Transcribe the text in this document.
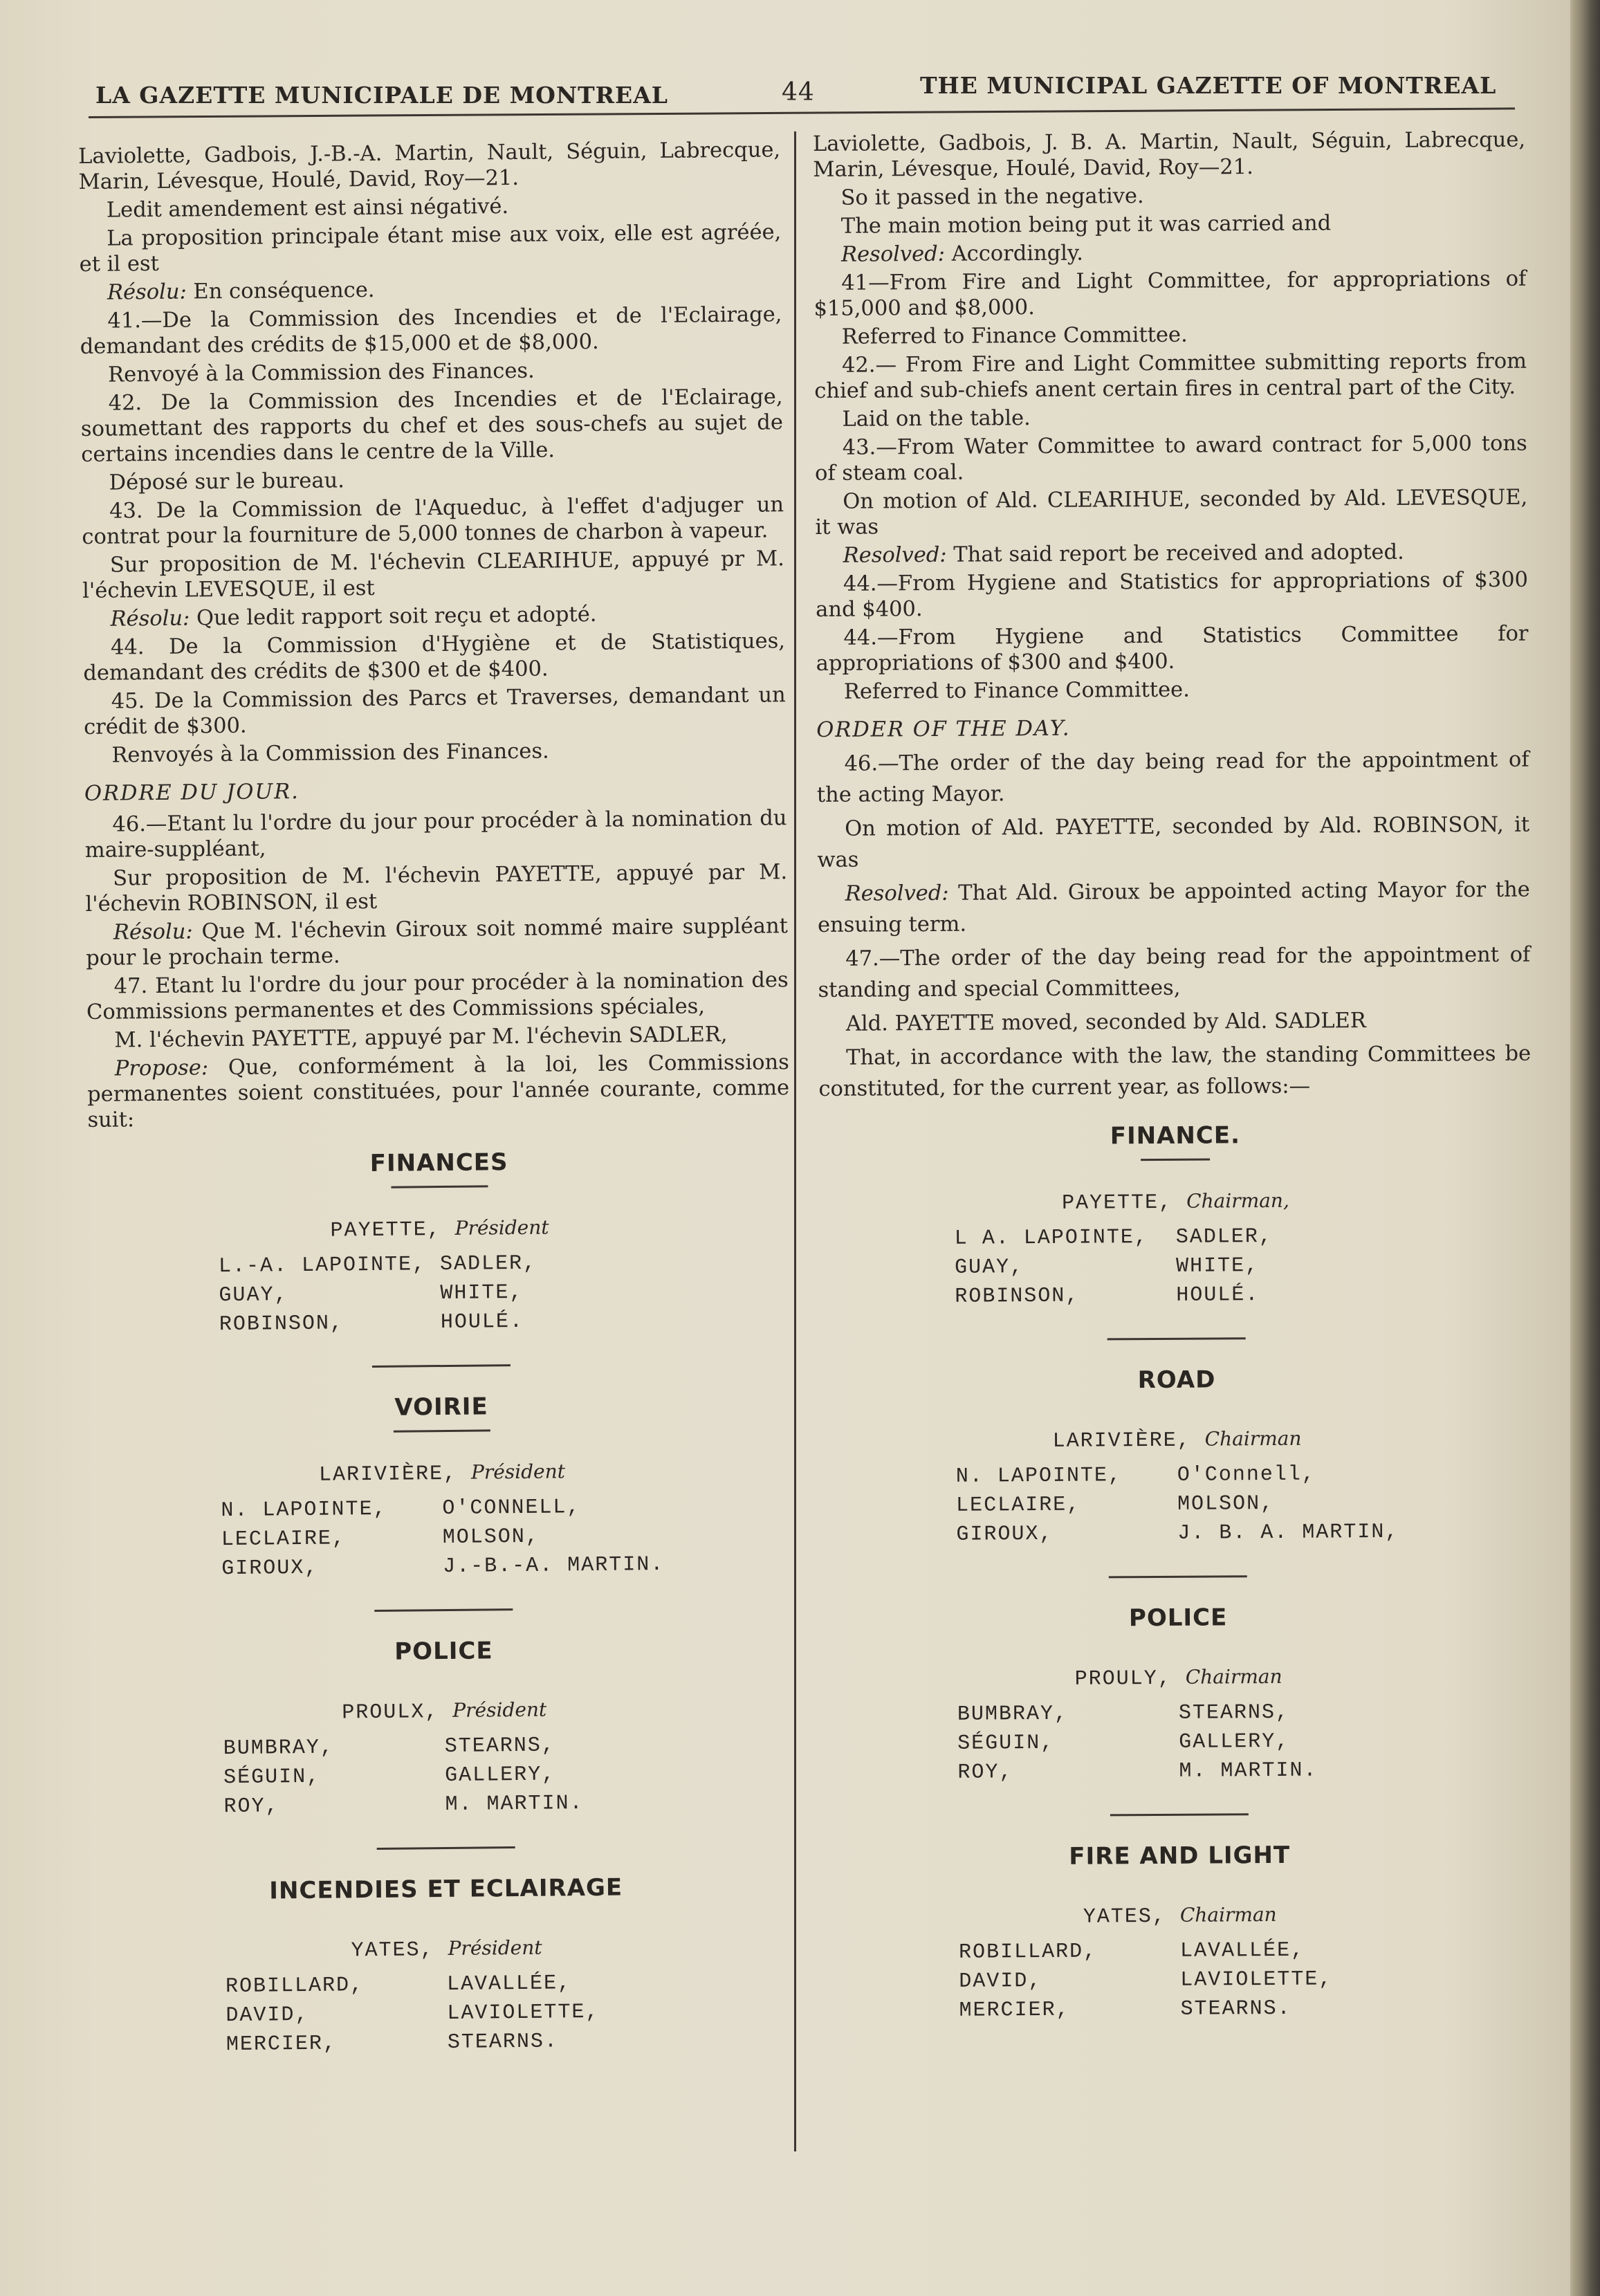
LA GAZETTE MUNICIPALE DE MONTREAL	44	THE MUNICIPAL GAZETTE OF MONTREAL

Laviolette, Gadbois, J.-B.-A. Martin, Nault, Séguin, Labrecque, Marin, Lévesque, Houlé, David, Roy—21.

Ledit amendement est ainsi négativé.

La proposition principale étant mise aux voix, elle est agréée, et il est

Résolu: En conséquence.

41.—De la Commission des Incendies et de l'Eclairage, demandant des crédits de $15,000 et de $8,000.

Renvoyé à la Commission des Finances.

42. De la Commission des Incendies et de l'Eclairage, soumettant des rapports du chef et des sous-chefs au sujet de certains incendies dans le centre de la Ville.

Déposé sur le bureau.

43. De la Commission de l'Aqueduc, à l'effet d'adjuger un contrat pour la fourniture de 5,000 tonnes de charbon à vapeur.

Sur proposition de M. l'échevin CLEARIHUE, appuyé pr M. l'échevin LEVESQUE, il est

Résolu: Que ledit rapport soit reçu et adopté.

44. De la Commission d'Hygiène et de Statistiques, demandant des crédits de $300 et de $400.

45. De la Commission des Parcs et Traverses, demandant un crédit de $300.

Renvoyés à la Commission des Finances.

ORDRE DU JOUR.

46.—Etant lu l'ordre du jour pour procéder à la nomination du maire-suppléant,

Sur proposition de M. l'échevin PAYETTE, appuyé par M. l'échevin ROBINSON, il est

Résolu: Que M. l'échevin Giroux soit nommé maire suppléant pour le prochain terme.

47. Etant lu l'ordre du jour pour procéder à la nomination des Commissions permanentes et des Commissions spéciales,

M. l'échevin PAYETTE, appuyé par M. l'échevin SADLER,

Propose: Que, conformément à la loi, les Commissions permanentes soient constituées, pour l'année courante, comme suit:

FINANCES
PAYETTE, Président
L.-A. LAPOINTE, SADLER,
GUAY,	WHITE,
ROBINSON,	HOULÉ.
VOIRIE
LARIVIÈRE, Président
N. LAPOINTE,	O'CONNELL,
LECLAIRE,	MOLSON,
GIROUX,	J.-B.-A. MARTIN.
POLICE
PROULX, Président
BUMBRAY,	STEARNS,
SÉGUIN,	GALLERY,
ROY,	M. MARTIN.
INCENDIES ET ECLAIRAGE
YATES, Président
ROBILLARD,	LAVALLÉE,
DAVID,	LAVIOLETTE,
MERCIER,	STEARNS.

Laviolette, Gadbois, J. B. A. Martin, Nault, Séguin, Labrecque, Marin, Lévesque, Houlé, David, Roy—21.

So it passed in the negative.

The main motion being put it was carried and

Resolved: Accordingly.

41—From Fire and Light Committee, for appropriations of $15,000 and $8,000.

Referred to Finance Committee.

42.— From Fire and Light Committee submitting reports from chief and sub-chiefs anent certain fires in central part of the City.

Laid on the table.

43.—From Water Committee to award contract for 5,000 tons of steam coal.

On motion of Ald. CLEARIHUE, seconded by Ald. LEVESQUE, it was

Resolved: That said report be received and adopted.

44.—From Hygiene and Statistics for appropriations of $300 and $400.

44.—From Hygiene and Statistics Committee for appropriations of $300 and $400.

Referred to Finance Committee.

ORDER OF THE DAY.

46.—The order of the day being read for the appointment of the acting Mayor.

On motion of Ald. PAYETTE, seconded by Ald. ROBINSON, it was

Resolved: That Ald. Giroux be appointed acting Mayor for the ensuing term.

47.—The order of the day being read for the appointment of standing and special Committees,

Ald. PAYETTE moved, seconded by Ald. SADLER

That, in accordance with the law, the standing Committees be constituted, for the current year, as follows:—

FINANCE.
PAYETTE, Chairman,
L A. LAPOINTE,	SADLER,
GUAY,	WHITE,
ROBINSON,	HOULÉ.
ROAD
LARIVIÈRE, Chairman
N. LAPOINTE,	O'Connell,
LECLAIRE,	MOLSON,
GIROUX,	J. B. A. MARTIN,
POLICE
PROULY, Chairman
BUMBRAY,	STEARNS,
SÉGUIN,	GALLERY,
ROY,	M. MARTIN.
FIRE AND LIGHT
YATES, Chairman
ROBILLARD,	LAVALLÉE,
DAVID,	LAVIOLETTE,
MERCIER,	STEARNS.
